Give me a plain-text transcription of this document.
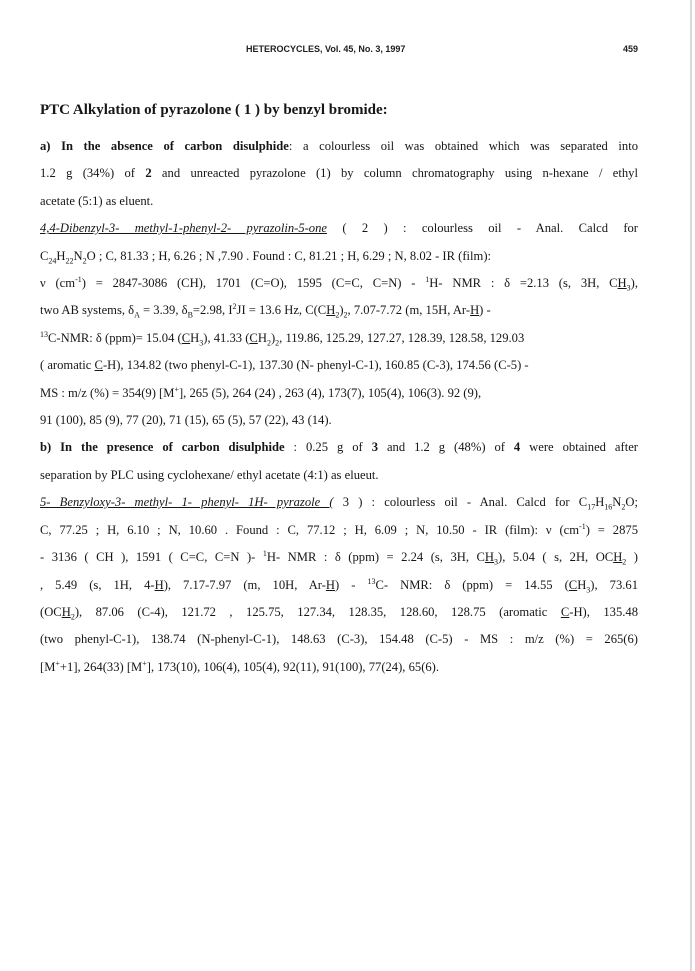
HETEROCYCLES, Vol. 45, No. 3, 1997	459

PTC Alkylation of pyrazolone ( 1 ) by benzyl bromide:

a) In the absence of carbon disulphide: a colourless oil was obtained which was separated into

1.2 g (34%) of 2 and unreacted pyrazolone (1) by column chromatography using n-hexane / ethyl

acetate (5:1) as eluent.

4,4-Dibenzyl-3- methyl-1-phenyl-2- pyrazolin-5-one ( 2 ) : colourless oil - Anal. Calcd for

$C_{24}H_{22}N_2O$ ; C, 81.33 ; H, 6.26 ; N ,7.90 . Found : C, 81.21 ; H, 6.29 ; N, 8.02 - IR (film):

ν $(cm^{-1}) = 2847-3086$ (CH), 1701 (C=O), 1595 (C=C, C=N) - $^1$H- NMR : δ =2.13 (s, 3H, $CH_3$),

two AB systems, $\delta_A = 3.39$, $\delta_B=2.98$, $I^2JI = 13.6$ Hz, $C(CH_2)_2$, 7.07-7.72 (m, 15H, Ar-H) -

$^{13}$C-NMR: δ (ppm)= 15.04 $(CH_3)$, 41.33 $(CH_2)_2$, 119.86, 125.29, 127.27, 128.39, 128.58, 129.03

( aromatic C-H), 134.82 (two phenyl-C-1), 137.30 (N- phenyl-C-1), 160.85 (C-3), 174.56 (C-5) -

MS : m/z (%) = 354(9) [M+], 265 (5), 264 (24) , 263 (4), 173(7), 105(4), 106(3). 92 (9),

91 (100), 85 (9), 77 (20), 71 (15), 65 (5), 57 (22), 43 (14).

b) In the presence of carbon disulphide : 0.25 g of 3 and 1.2 g (48%) of 4 were obtained after

separation by PLC using cyclohexane/ ethyl acetate (4:1) as elueut.

5- Benzyloxy-3- methyl- 1- phenyl- 1H- pyrazole ( 3 ) : colourless oil - Anal. Calcd for $C_{17}H_{16}N_2O$;

C, 77.25 ; H, 6.10 ; N, 10.60 . Found : C, 77.12 ; H, 6.09 ; N, 10.50 - IR (film): ν $(cm^{-1}) = 2875$

- 3136 ( CH ), 1591 ( C=C, C=N )- $^1$H- NMR : δ (ppm) = 2.24 (s, 3H, $CH_3$), 5.04 ( s, 2H, $OCH_2$ )

, 5.49 (s, 1H, 4-H), 7.17-7.97 (m, 10H, Ar-H) - $^{13}$C- NMR: δ (ppm) = 14.55 $(CH_3)$, 73.61

$(OCH_2)$, 87.06 (C-4), 121.72 , 125.75, 127.34, 128.35, 128.60, 128.75 (aromatic C-H), 135.48

(two phenyl-C-1), 138.74 (N-phenyl-C-1), 148.63 (C-3), 154.48 (C-5) - MS : m/z (%) = 265(6)

[M++1], 264(33) [M+], 173(10), 106(4), 105(4), 92(11), 91(100), 77(24), 65(6).
